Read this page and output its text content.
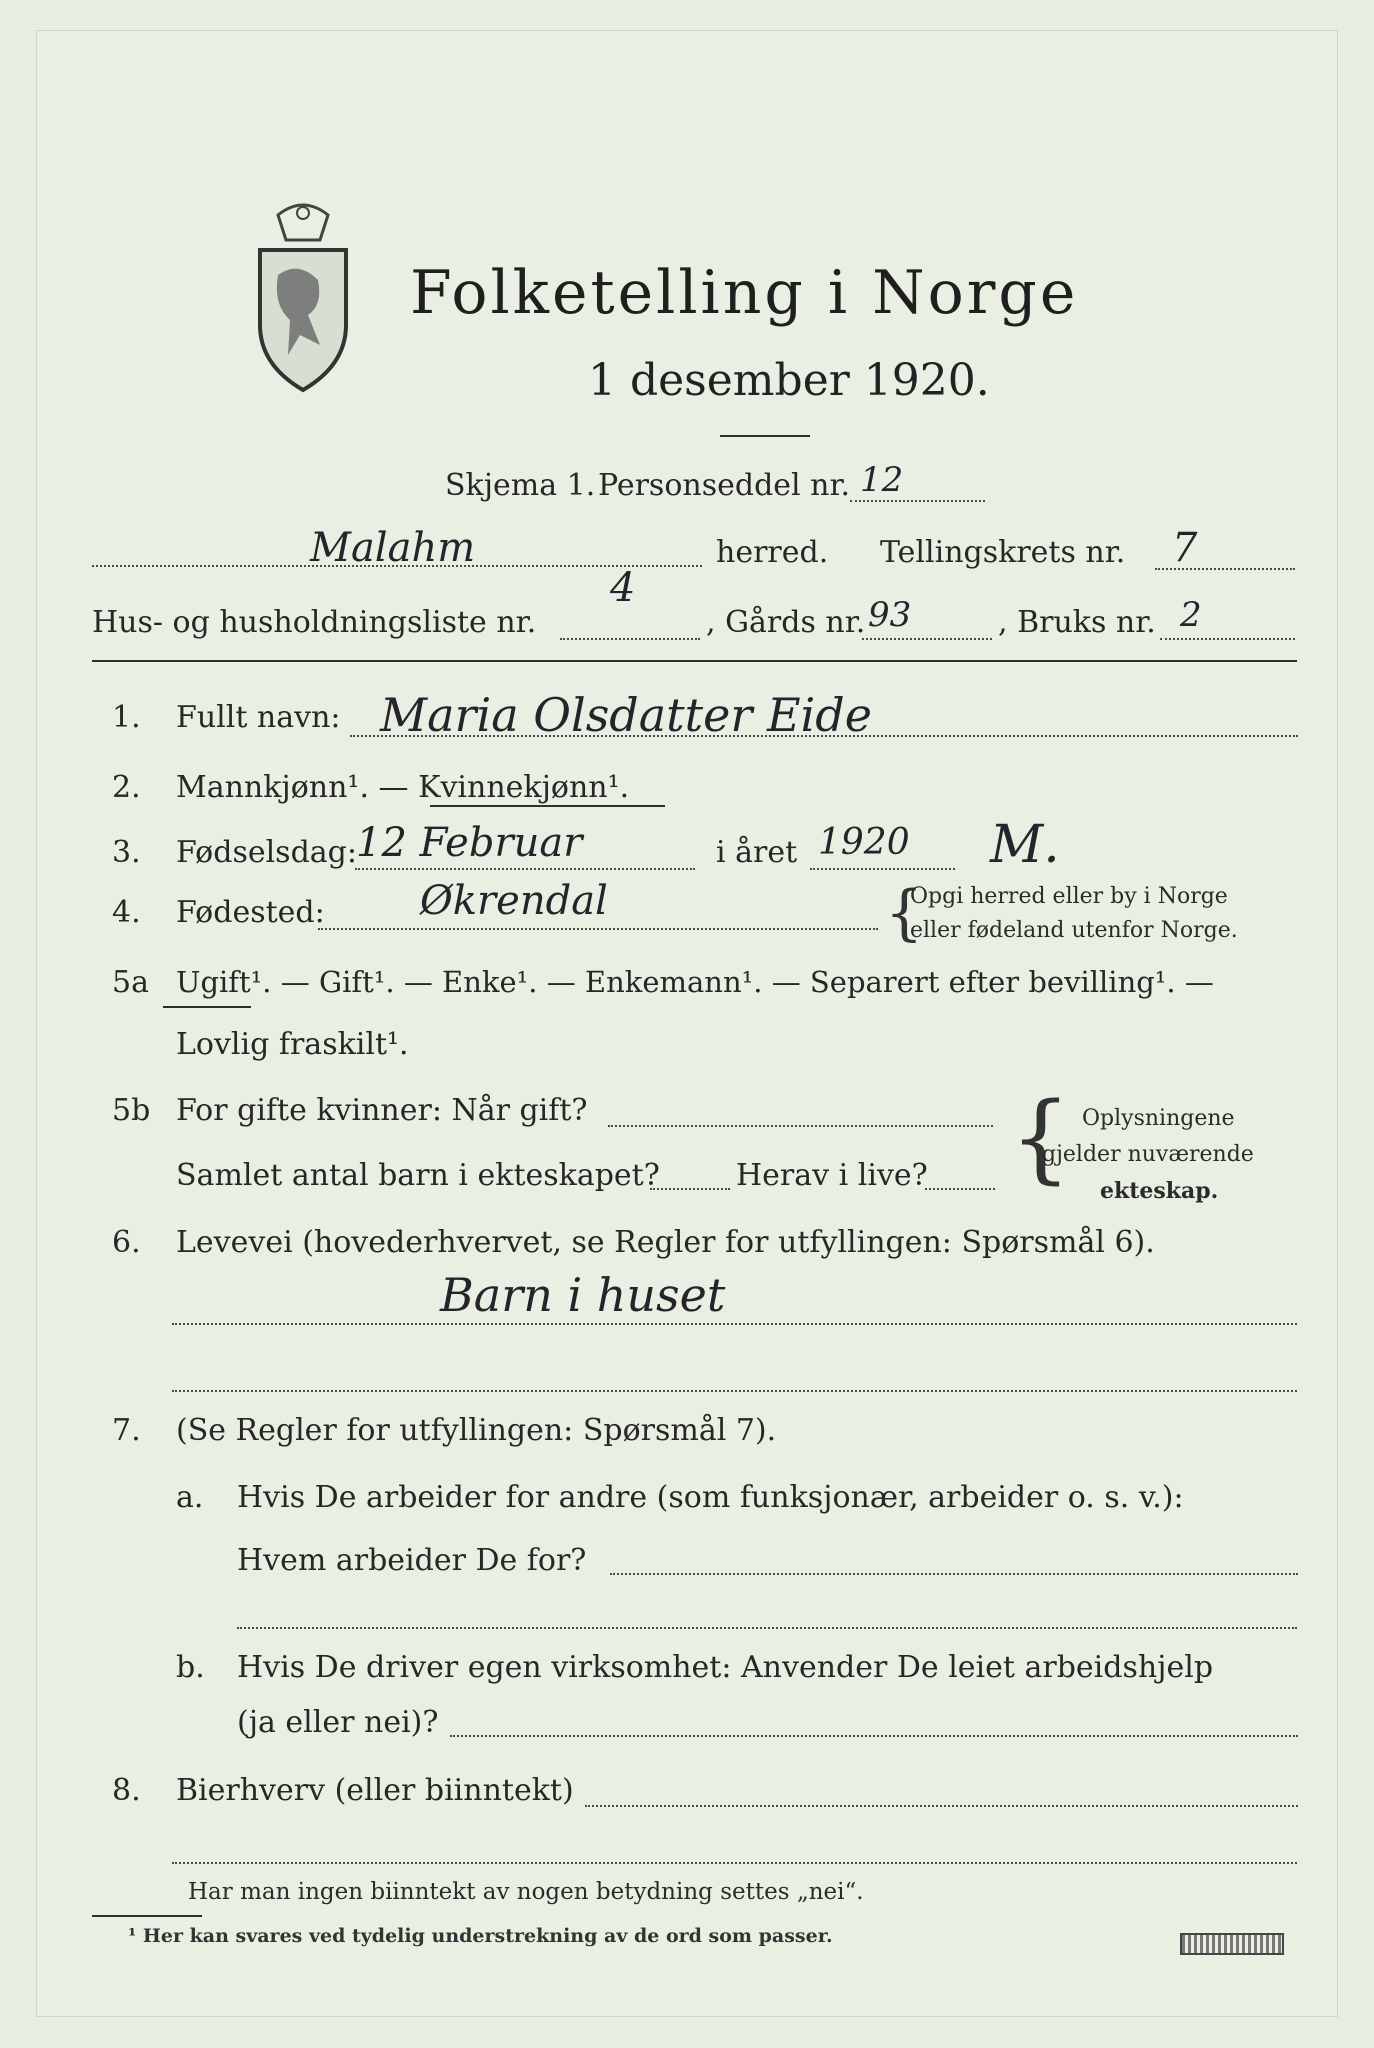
Folketelling i Norge
1 desember 1920.
Skjema 1. Personseddel nr. 12
Malahm	herred. Tellingskrets nr. 7
Hus- og husholdningsliste nr.
4
, Gårds nr. 93	, Bruks nr. 2
1. Fullt navn: Maria Olsdatter Eide
2. Mannkjønn¹. — Kvinnekjønn¹.
3. Fødselsdag: 12 Februar	i året 1920 M.
4. Fødested: Økrendal	{
Opgi herred eller by i Norge
eller fødeland utenfor Norge.
5a Ugift¹. — Gift¹. — Enke¹. — Enkemann¹. — Separert efter bevilling¹. —
Lovlig fraskilt¹.
5b For gifte kvinner: Når gift?
Samlet antal barn i ekteskapet?	Herav i live? { Oplysningene
gjelder nuværende
ekteskap.
6. Levevei (hovederhvervet, se Regler for utfyllingen: Spørsmål 6).
Barn i huset
7. (Se Regler for utfyllingen: Spørsmål 7).
a. Hvis De arbeider for andre (som funksjonær, arbeider o. s. v.):
Hvem arbeider De for?
b. Hvis De driver egen virksomhet: Anvender De leiet arbeidshjelp
(ja eller nei)?
8. Bierhverv (eller biinntekt)
Har man ingen biinntekt av nogen betydning settes „nei“.
¹ Her kan svares ved tydelig understrekning av de ord som passer.
